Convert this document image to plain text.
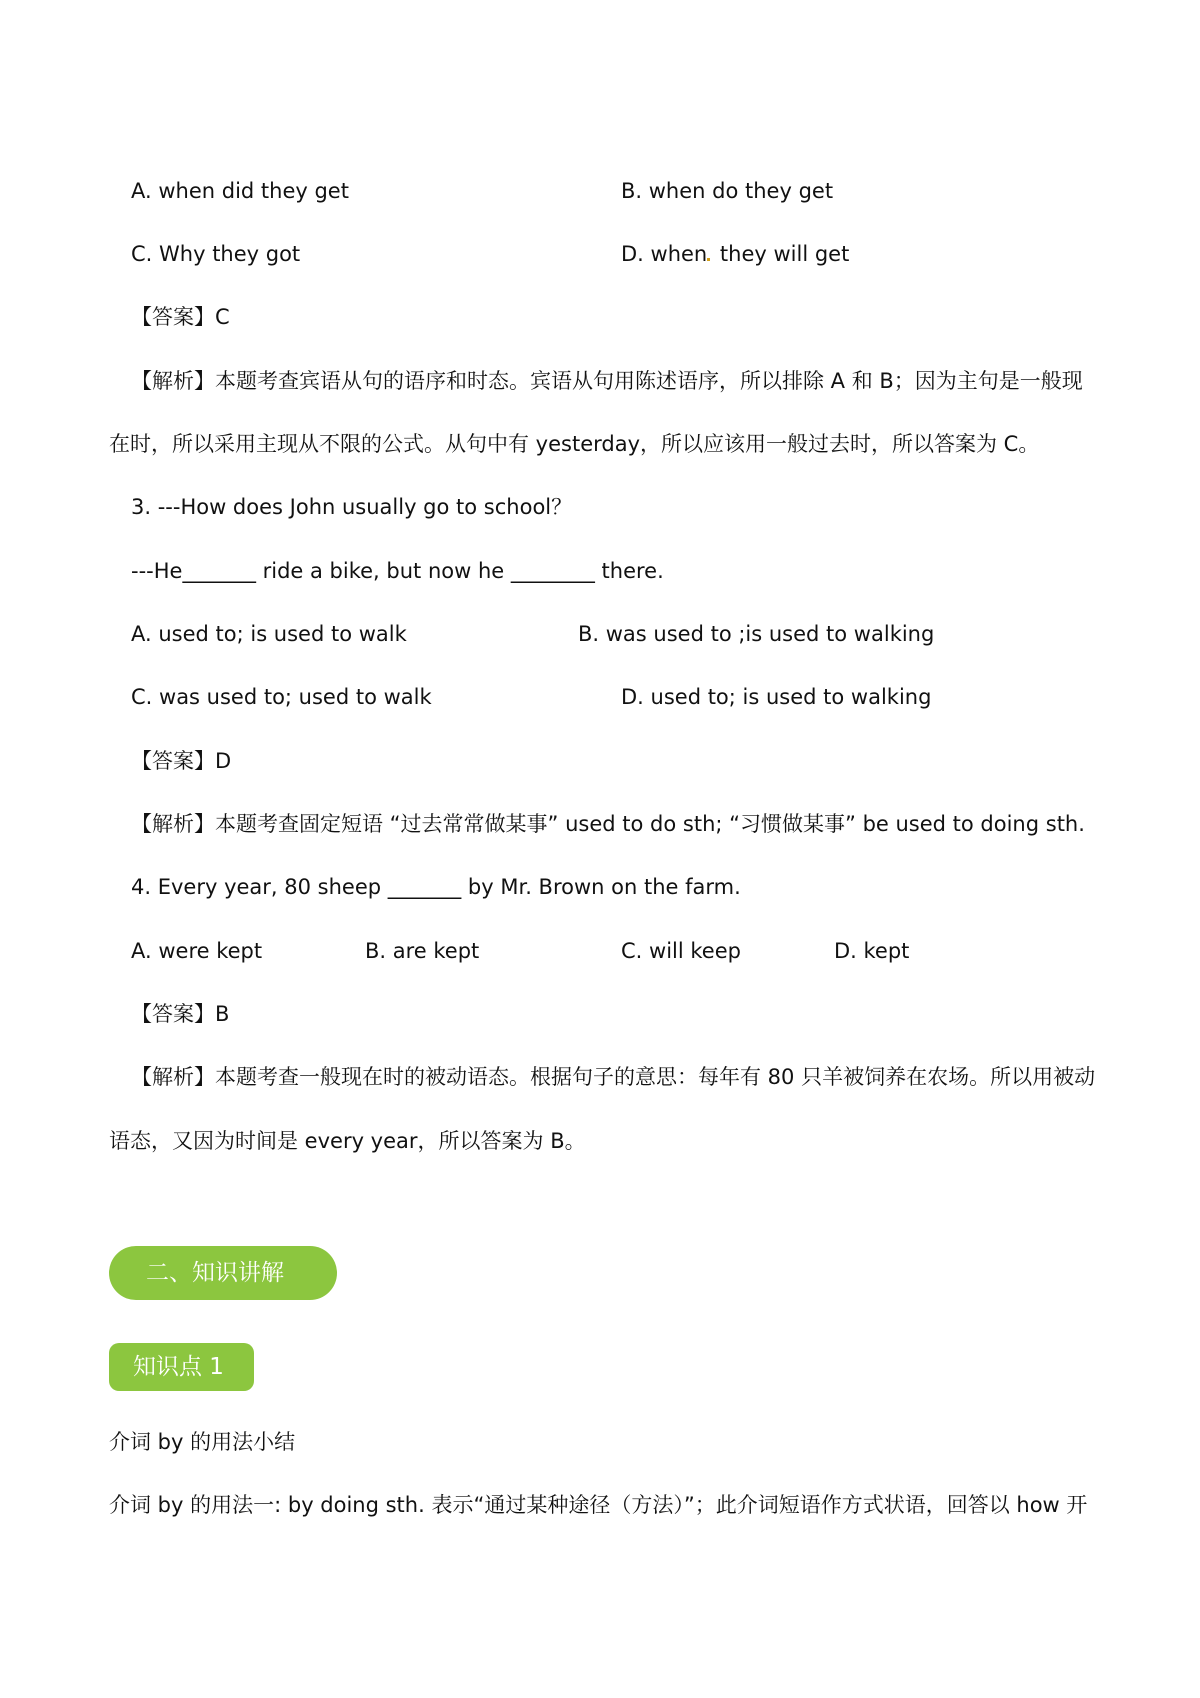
A. when did they get	B. when do they get
C. Why they got	D. when they will get
【答案】C
【解析】本题考查宾语从句的语序和时态。宾语从句用陈述语序，所以排除 A 和 B；因为主句是一般现
在时，所以采用主现从不限的公式。从句中有 yesterday，所以应该用一般过去时，所以答案为 C。
3. ---How does John usually go to school？
---He_______ ride a bike, but now he ________ there.
A. used to; is used to walk	B. was used to ;is used to walking
C. was used to; used to walk	D. used to; is used to walking
【答案】D
【解析】本题考查固定短语 “过去常常做某事” used to do sth; “习惯做某事” be used to doing sth.
4. Every year, 80 sheep _______ by Mr. Brown on the farm.
A. were kept	B. are kept	C. will keep	D. kept
【答案】B
【解析】本题考查一般现在时的被动语态。根据句子的意思：每年有 80 只羊被饲养在农场。所以用被动
语态，又因为时间是 every year，所以答案为 B。
二、知识讲解
知识点 1
介词 by 的用法小结
介词 by 的用法一: by doing sth. 表示“通过某种途径（方法）”；此介词短语作方式状语，回答以 how 开
